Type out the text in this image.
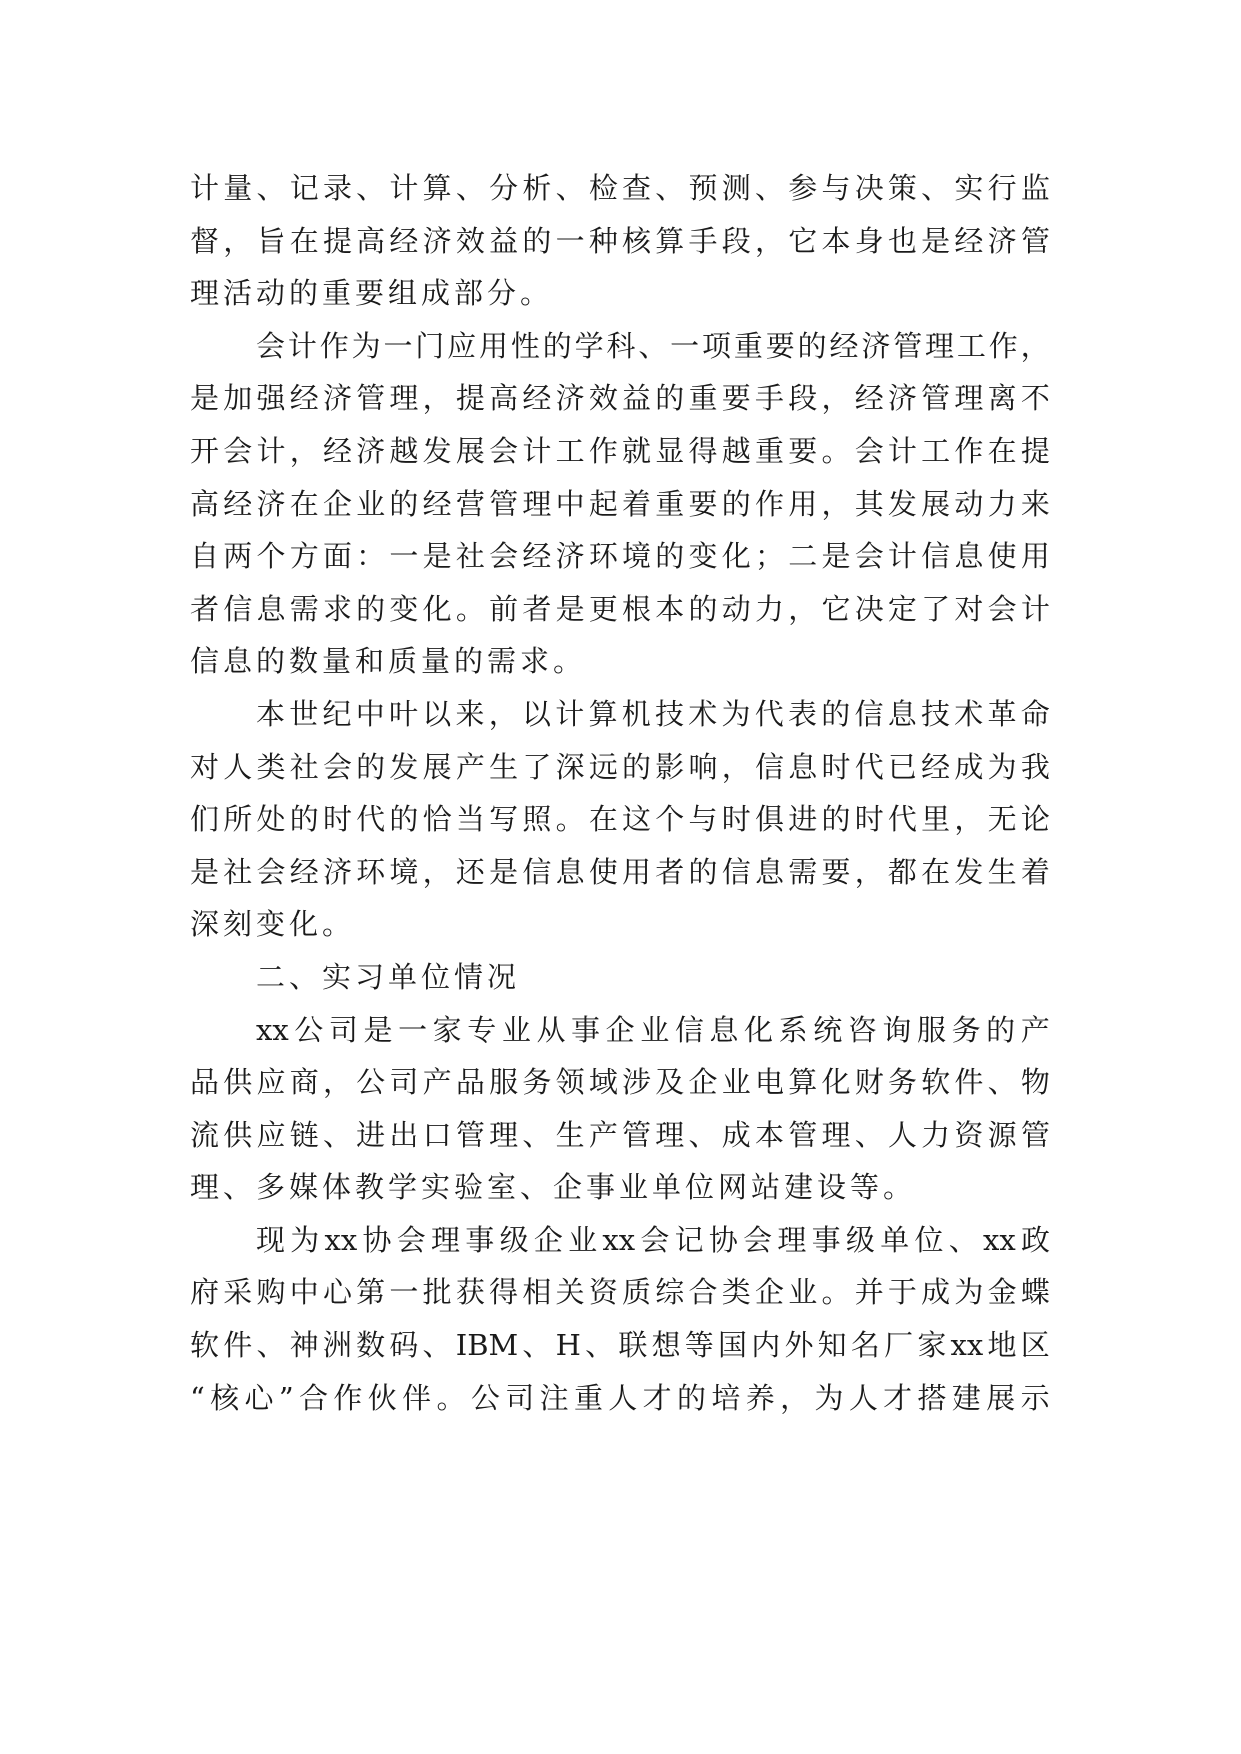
计 量 、 记 录 、 计 算 、 分 析 、 检 查 、 预 测 、 参 与 决 策 、 实 行 监
督 ， 旨 在 提 高 经 济 效 益 的 一 种 核 算 手 段 ， 它 本 身 也 是 经 济 管
理活动的重要组成部分。
会 计 作 为 一 门 应 用 性 的 学 科 、 一 项 重 要 的 经 济 管 理 工 作 ，
是 加 强 经 济 管 理 ， 提 高 经 济 效 益 的 重 要 手 段 ， 经 济 管 理 离 不
开 会 计 ， 经 济 越 发 展 会 计 工 作 就 显 得 越 重 要 。 会 计 工 作 在 提
高 经 济 在 企 业 的 经 营 管 理 中 起 着 重 要 的 作 用 ， 其 发 展 动 力 来
自 两 个 方 面 ： 一 是 社 会 经 济 环 境 的 变 化 ； 二 是 会 计 信 息 使 用
者 信 息 需 求 的 变 化 。 前 者 是 更 根 本 的 动 力 ， 它 决 定 了 对 会 计
信息的数量和质量的需求。
本 世 纪 中 叶 以 来 ， 以 计 算 机 技 术 为 代 表 的 信 息 技 术 革 命
对 人 类 社 会 的 发 展 产 生 了 深 远 的 影 响 ， 信 息 时 代 已 经 成 为 我
们 所 处 的 时 代 的 恰 当 写 照 。 在 这 个 与 时 俱 进 的 时 代 里 ， 无 论
是 社 会 经 济 环 境 ， 还 是 信 息 使 用 者 的 信 息 需 要 ， 都 在 发 生 着
深刻变化。
二、实习单位情况
xx 公 司 是 一 家 专 业 从 事 企 业 信 息 化 系 统 咨 询 服 务 的 产
品 供 应 商 ， 公 司 产 品 服 务 领 域 涉 及 企 业 电 算 化 财 务 软 件 、 物
流 供 应 链 、 进 出 口 管 理 、 生 产 管 理 、 成 本 管 理 、 人 力 资 源 管
理、多媒体教学实验室、企事业单位网站建设等。
现 为 xx 协 会 理 事 级 企 业 xx 会 记 协 会 理 事 级 单 位 、 xx 政
府 采 购 中 心 第 一 批 获 得 相 关 资 质 综 合 类 企 业 。 并 于 成 为 金 蝶
软 件 、 神 洲 数 码 、 IBM 、 H 、 联 想 等 国 内 外 知 名 厂 家 xx 地 区
“ 核 心 ” 合 作 伙 伴 。 公 司 注 重 人 才 的 培 养 ， 为 人 才 搭 建 展 示
